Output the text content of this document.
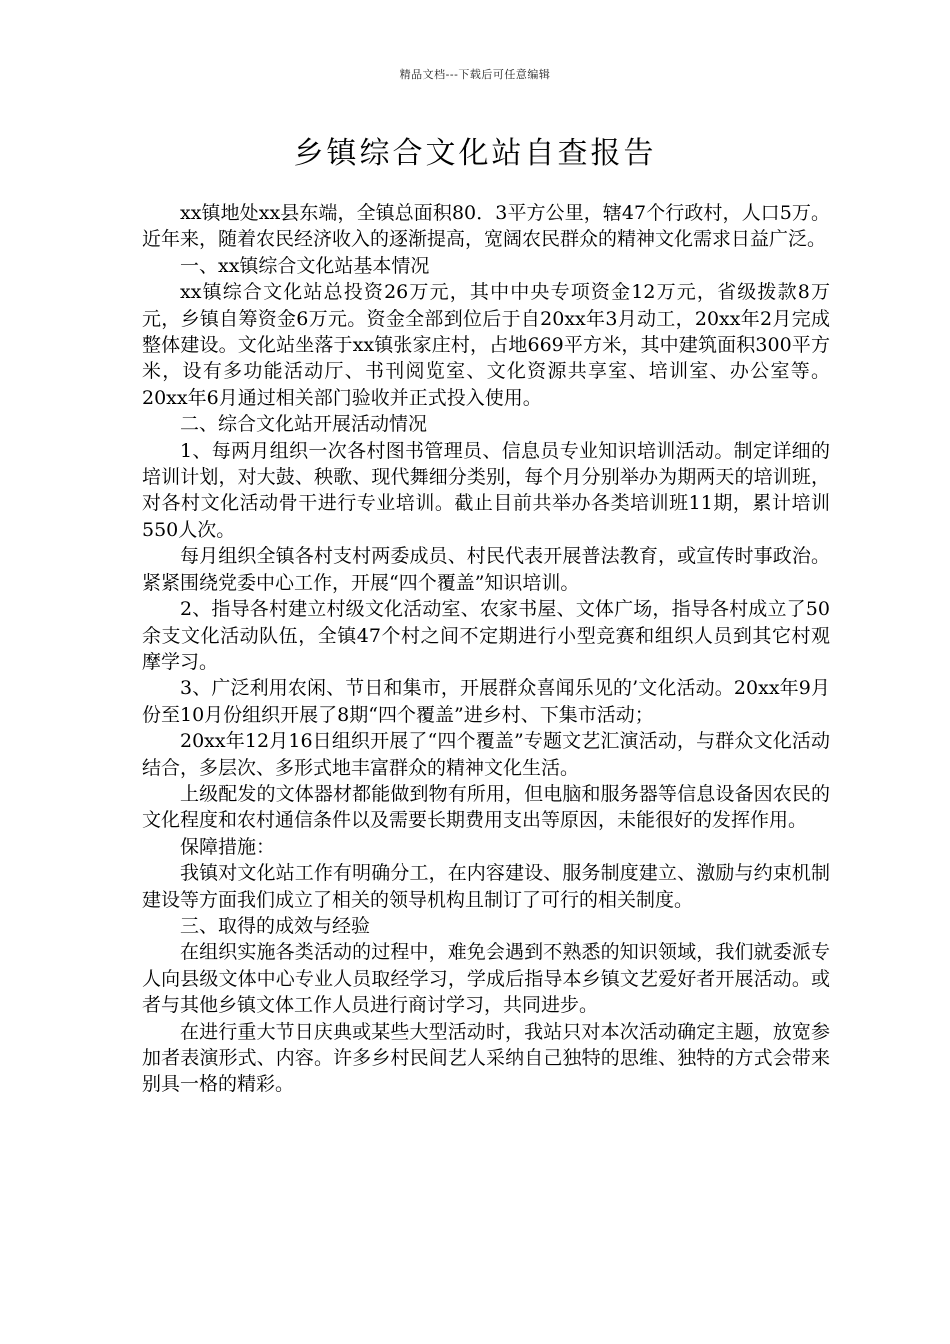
精品文档---下载后可任意编辑
乡镇综合文化站自查报告

xx镇地处xx县东端，全镇总面积80．3平方公里，辖47个行政村，人口5万。近年来，随着农民经济收入的逐渐提高，宽阔农民群众的精神文化需求日益广泛。

一、xx镇综合文化站基本情况

xx镇综合文化站总投资26万元，其中中央专项资金12万元，省级拨款8万元，乡镇自筹资金6万元。资金全部到位后于自20xx年3月动工，20xx年2月完成整体建设。文化站坐落于xx镇张家庄村，占地669平方米，其中建筑面积300平方米，设有多功能活动厅、书刊阅览室、文化资源共享室、培训室、办公室等。20xx年6月通过相关部门验收并正式投入使用。

二、综合文化站开展活动情况

1、每两月组织一次各村图书管理员、信息员专业知识培训活动。制定详细的培训计划，对大鼓、秧歌、现代舞细分类别，每个月分别举办为期两天的培训班，对各村文化活动骨干进行专业培训。截止目前共举办各类培训班11期，累计培训550人次。

每月组织全镇各村支村两委成员、村民代表开展普法教育，或宣传时事政治。紧紧围绕党委中心工作，开展“四个覆盖”知识培训。

2、指导各村建立村级文化活动室、农家书屋、文体广场，指导各村成立了50余支文化活动队伍，全镇47个村之间不定期进行小型竞赛和组织人员到其它村观摩学习。

3、广泛利用农闲、节日和集市，开展群众喜闻乐见的’文化活动。20xx年9月份至10月份组织开展了8期“四个覆盖”进乡村、下集市活动；

20xx年12月16日组织开展了“四个覆盖”专题文艺汇演活动，与群众文化活动结合，多层次、多形式地丰富群众的精神文化生活。

上级配发的文体器材都能做到物有所用，但电脑和服务器等信息设备因农民的文化程度和农村通信条件以及需要长期费用支出等原因，未能很好的发挥作用。

保障措施：

我镇对文化站工作有明确分工，在内容建设、服务制度建立、激励与约束机制建设等方面我们成立了相关的领导机构且制订了可行的相关制度。

三、取得的成效与经验

在组织实施各类活动的过程中，难免会遇到不熟悉的知识领域，我们就委派专人向县级文体中心专业人员取经学习，学成后指导本乡镇文艺爱好者开展活动。或者与其他乡镇文体工作人员进行商讨学习，共同进步。

在进行重大节日庆典或某些大型活动时，我站只对本次活动确定主题，放宽参加者表演形式、内容。许多乡村民间艺人采纳自己独特的思维、独特的方式会带来别具一格的精彩。
